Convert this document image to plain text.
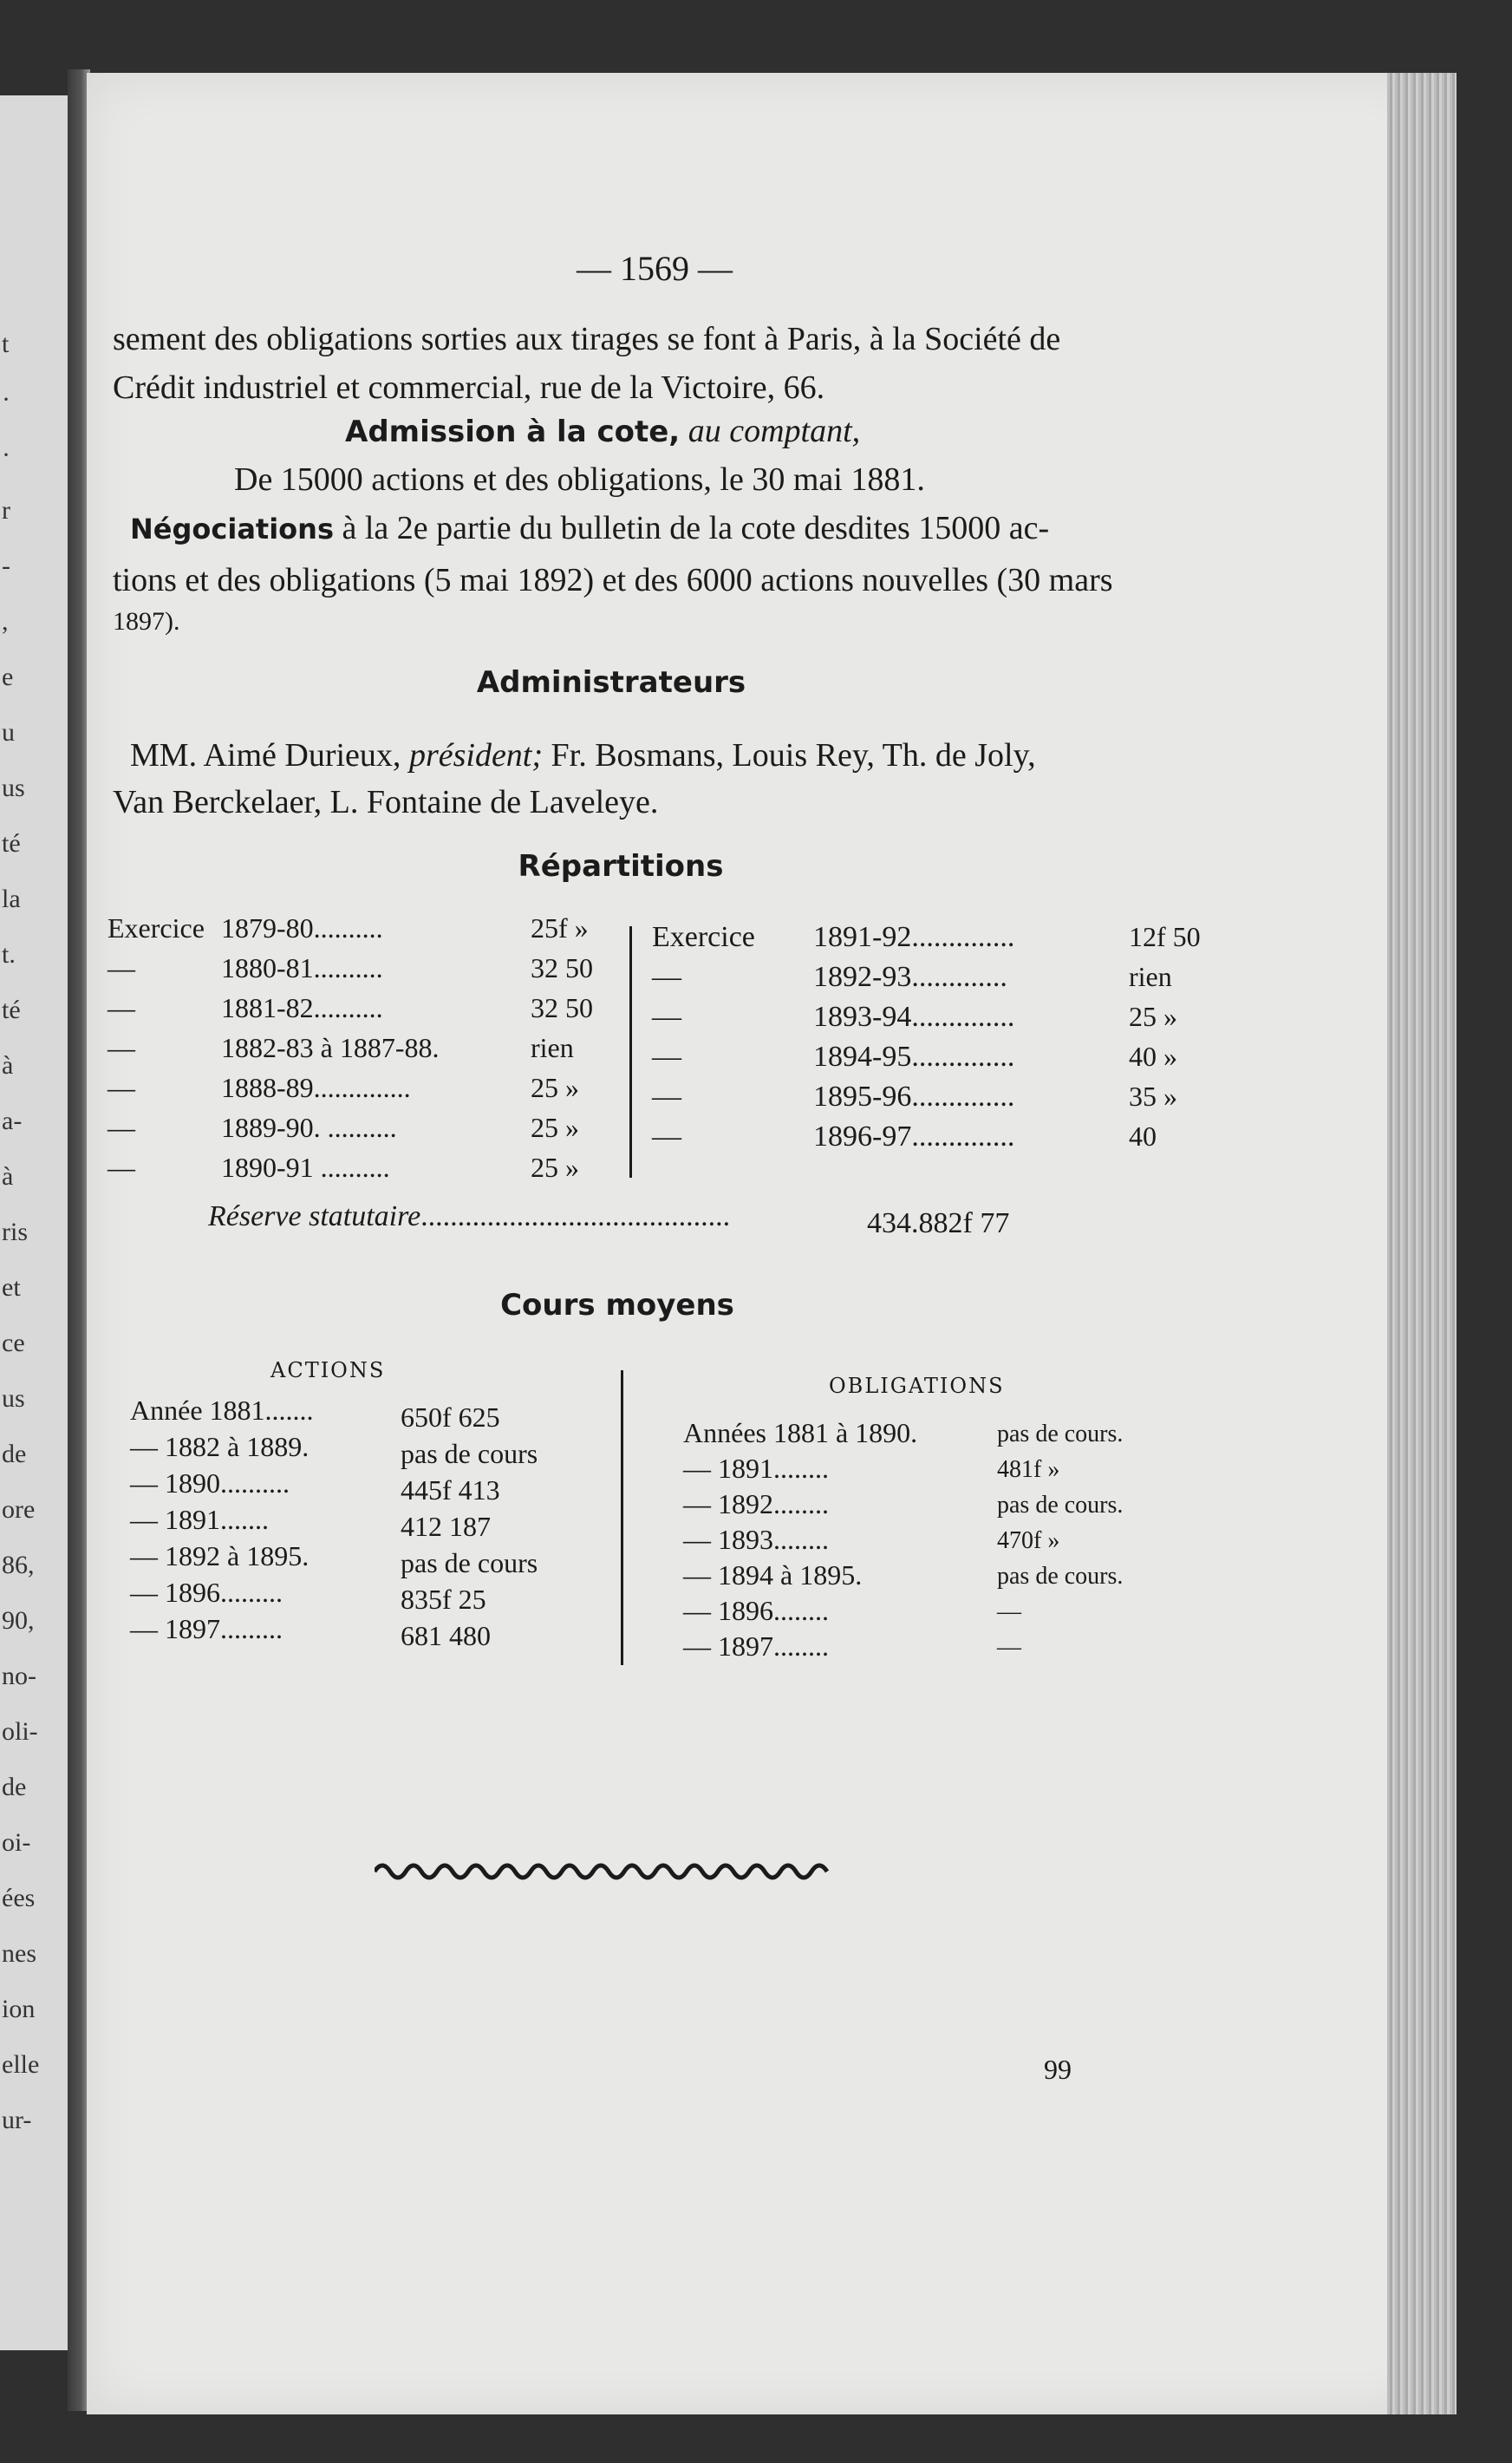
t
·
·
r
-
,
e
u
us
té
la
t.
té
à
a-
à
ris
et
ce
us
de
ore
86,
90,
no-
oli-
de
oi-
ées
nes
ion
elle
ur-
— 1569 —
sement des obligations sorties aux tirages se font à Paris, à la Société de
Crédit industriel et commercial, rue de la Victoire, 66.
Admission à la cote, au comptant,
De 15000 actions et des obligations, le 30 mai 1881.
Négociations à la 2e partie du bulletin de la cote desdites 15000 ac-
tions et des obligations (5 mai 1892) et des 6000 actions nouvelles (30 mars
1897).
Administrateurs
MM. Aimé Durieux, président; Fr. Bosmans, Louis Rey, Th. de Joly,
Van Berckelaer, L. Fontaine de Laveleye.
Répartitions
Exercice 1879-80..........	25f »
—	1880-81..........	32 50
—	1881-82..........	32 50
—	1882-83 à 1887-88.	rien
—	1888-89..............	25 »
—	1889-90. ..........	25 »
—	1890-91 ..........	25 »
Exercice 1891-92..............	12f 50
—	1892-93.............	rien
—	1893-94..............	25 »
—	1894-95..............	40 »
—	1895-96..............	35 »
—	1896-97..............	40
Réserve statutaire..........................................	434.882f 77
Cours moyens
ACTIONS
OBLIGATIONS
Année 1881.......	650f 625
— 1882 à 1889.	pas de cours
— 1890..........	445f 413
— 1891.......	412 187
— 1892 à 1895.	pas de cours
— 1896.........	835f 25
— 1897.........	681 480
Années 1881 à 1890.	pas de cours.
— 1891........	481f »
— 1892........	pas de cours.
— 1893........	470f »
— 1894 à 1895.	pas de cours.
— 1896........	—
— 1897........	—
99
